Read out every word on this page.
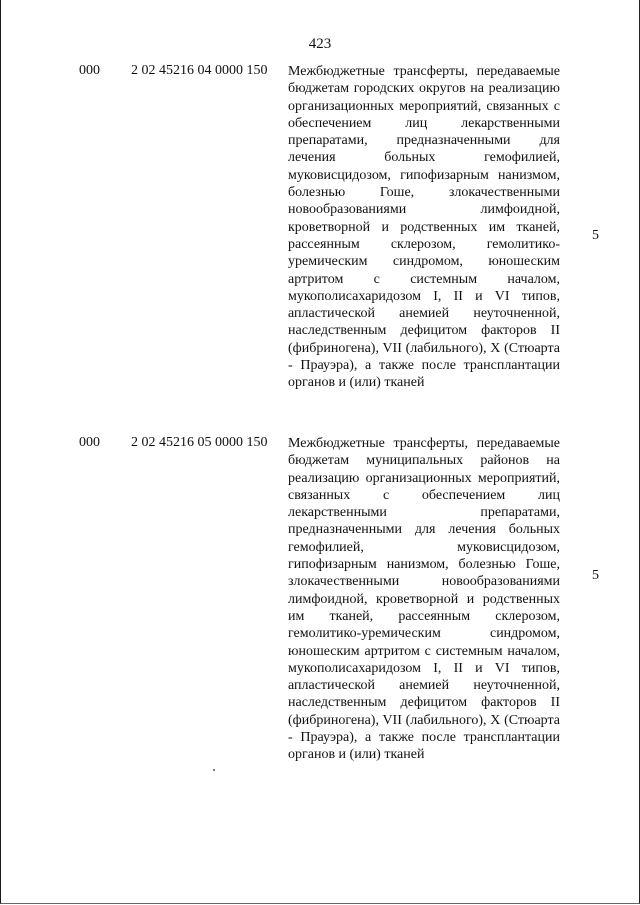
423
000 2 02 45216 04 0000 150 Межбюджетные трансферты, передаваемые бюджетам городских округов на реализацию организационных мероприятий, связанных с обеспечением лиц лекарственными препаратами, предназначенными для лечения больных гемофилией, муковисцидозом, гипофизарным нанизмом, болезнью Гоше, злокачественными новообразованиями лимфоидной, кроветворной и родственных им тканей, рассеянным склерозом, гемолитико-уремическим синдромом, юношеским артритом с системным началом, мукополисахаридозом I, II и VI типов, апластической анемией неуточненной, наследственным дефицитом факторов II (фибриногена), VII (лабильного), X (Стюарта - Прауэра), а также после трансплантации органов и (или) тканей
5
000 2 02 45216 05 0000 150 Межбюджетные трансферты, передаваемые бюджетам муниципальных районов на реализацию организационных мероприятий, связанных с обеспечением лиц лекарственными препаратами, предназначенными для лечения больных гемофилией, муковисцидозом, гипофизарным нанизмом, болезнью Гоше, злокачественными новообразованиями лимфоидной, кроветворной и родственных им тканей, рассеянным склерозом, гемолитико-уремическим синдромом, юношеским артритом с системным началом, мукополисахаридозом I, II и VI типов, апластической анемией неуточненной, наследственным дефицитом факторов II (фибриногена), VII (лабильного), X (Стюарта - Прауэра), а также после трансплантации органов и (или) тканей
5
